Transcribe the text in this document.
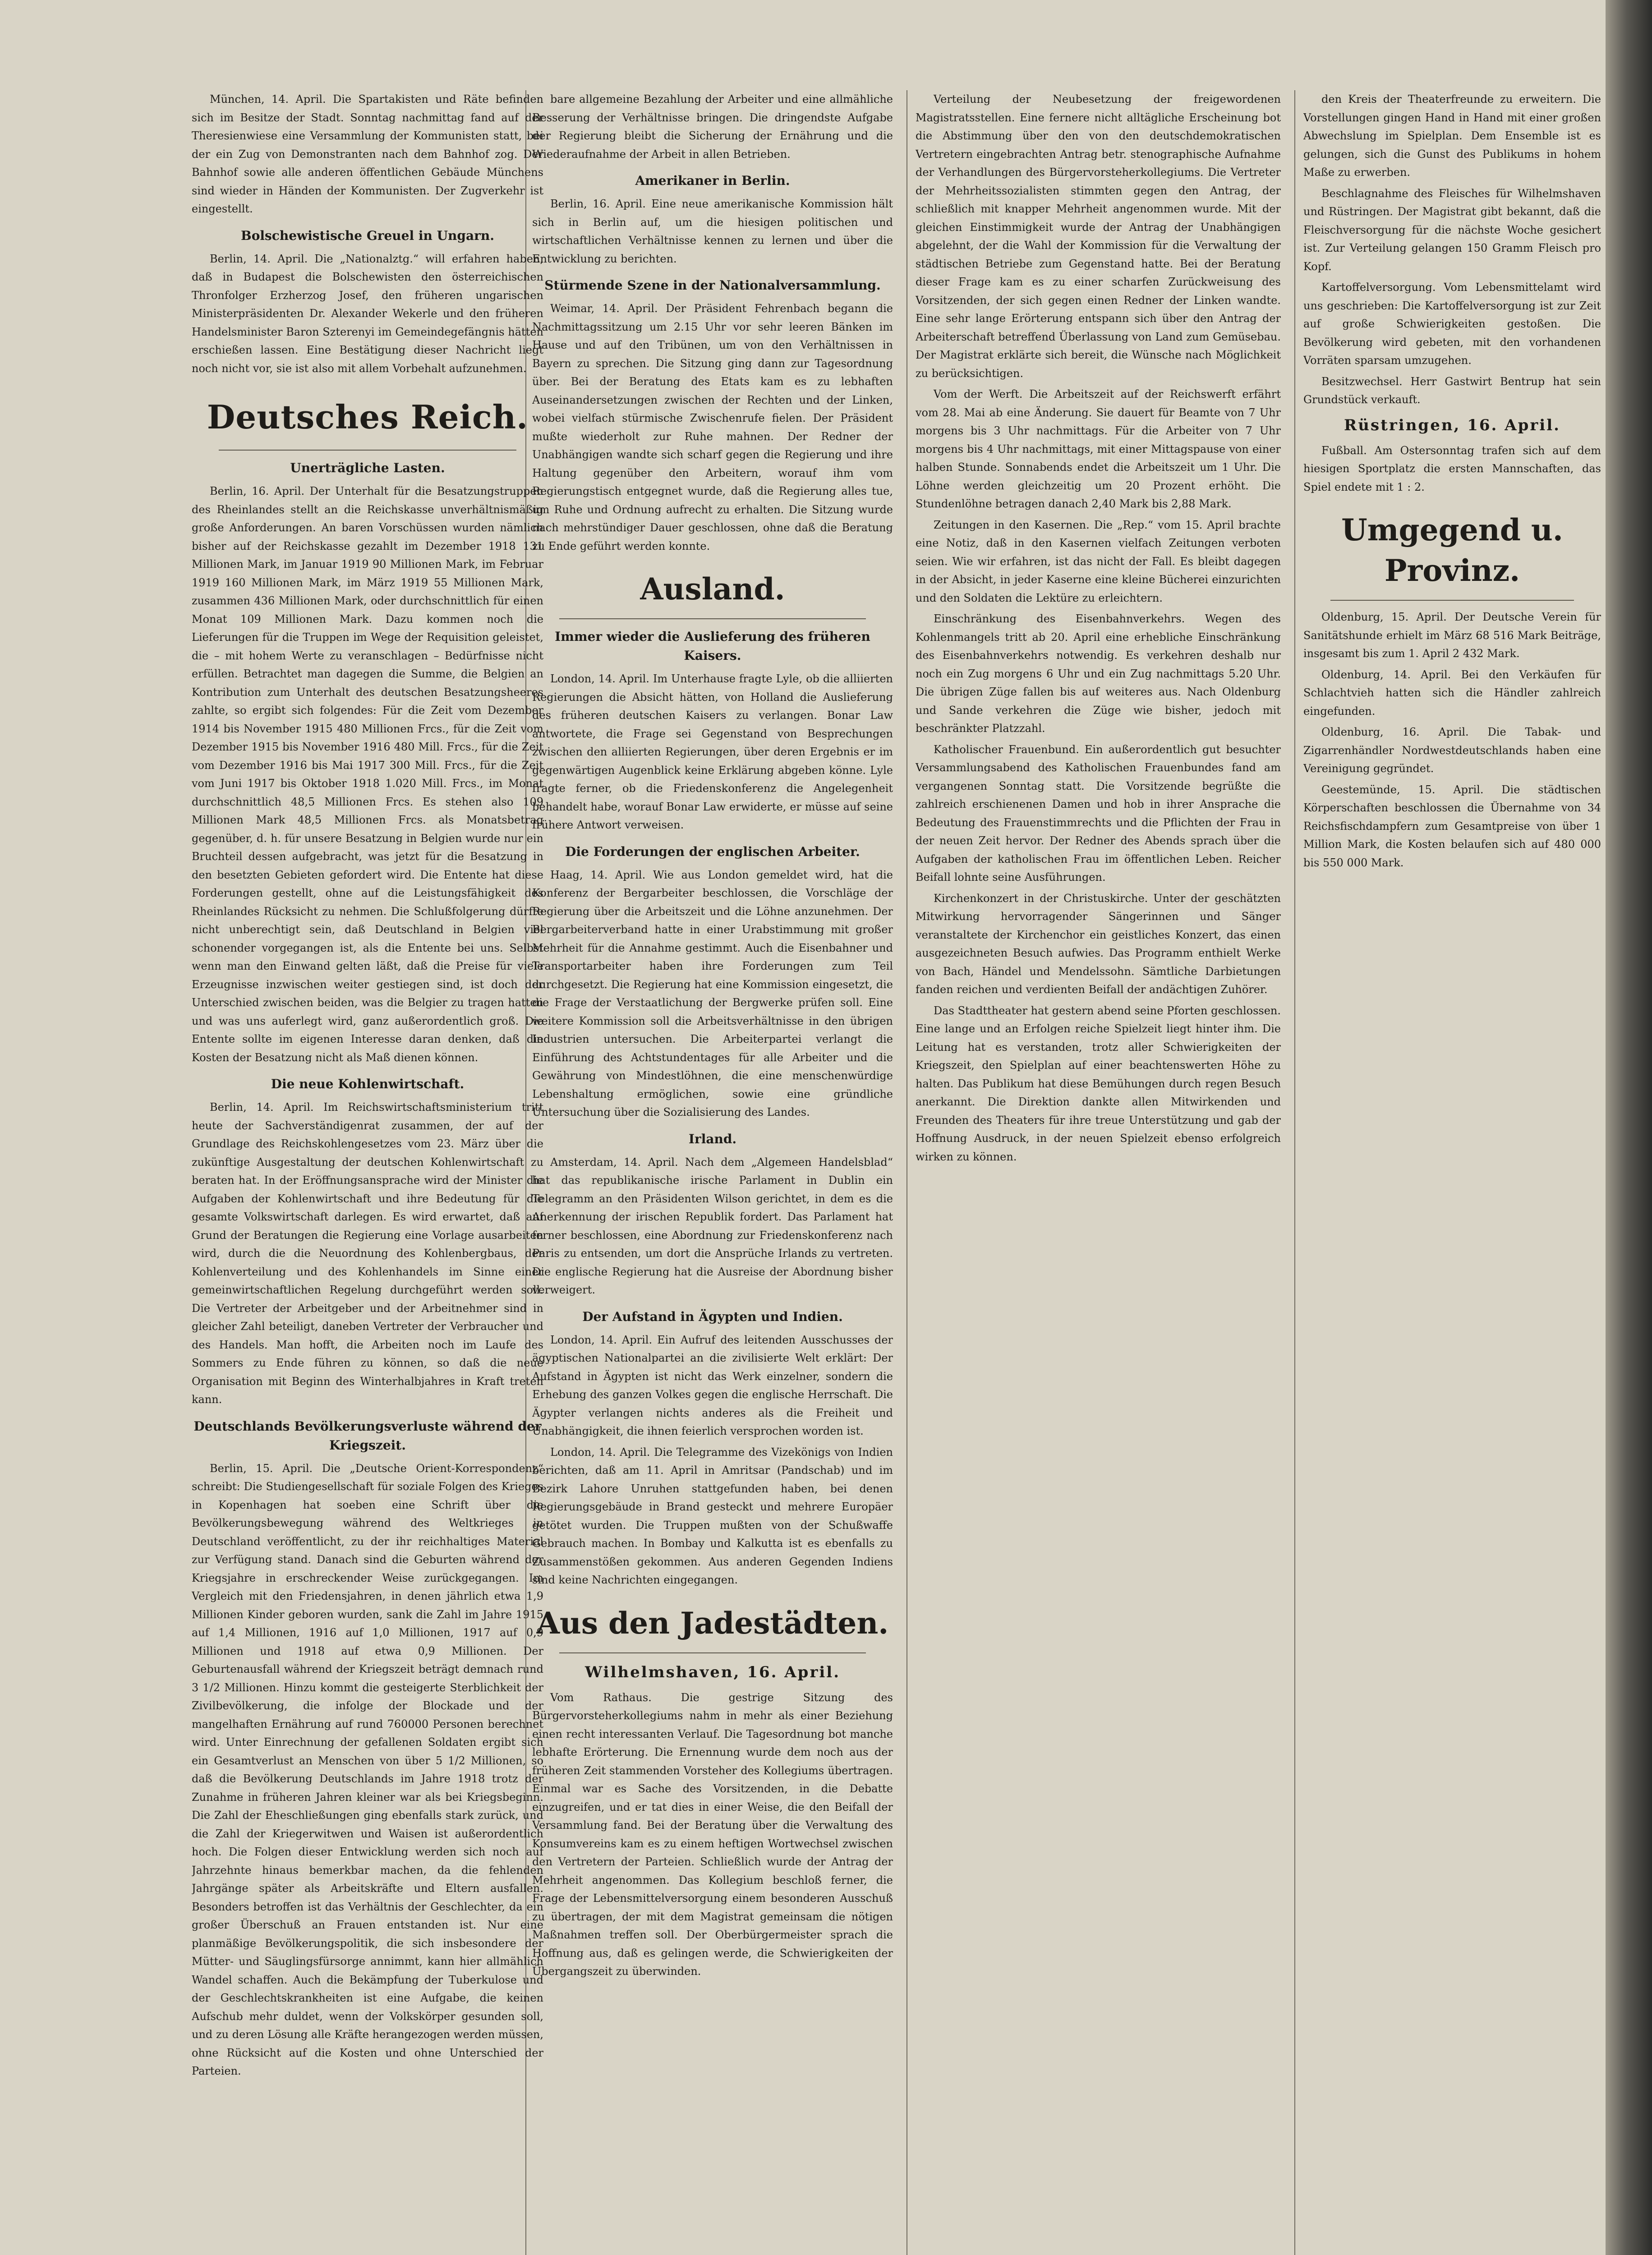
München, 14. April. Die Spartakisten und Räte befinden sich im Besitze der Stadt. Sonntag nachmittag fand auf der Theresienwiese eine Versammlung der Kommunisten statt, bei der ein Zug von Demonstranten nach dem Bahnhof zog. Der Bahnhof sowie alle anderen öffentlichen Gebäude Münchens sind wieder in Händen der Kommunisten. Der Zugverkehr ist eingestellt.

Bolschewistische Greuel in Ungarn.

Berlin, 14. April. Die „Nationalztg.“ will erfahren haben, daß in Budapest die Bolschewisten den österreichischen Thronfolger Erzherzog Josef, den früheren ungarischen Ministerpräsidenten Dr. Alexander Wekerle und den früheren Handelsminister Baron Szterenyi im Gemeindegefängnis hätten erschießen lassen. Eine Bestätigung dieser Nachricht liegt noch nicht vor, sie ist also mit allem Vorbehalt aufzunehmen.

Deutsches Reich.
Unerträgliche Lasten.

Berlin, 16. April. Der Unterhalt für die Besatzungstruppen des Rheinlandes stellt an die Reichskasse unverhältnismäßig große Anforderungen. An baren Vorschüssen wurden nämlich bisher auf der Reichskasse gezahlt im Dezember 1918 131 Millionen Mark, im Januar 1919 90 Millionen Mark, im Februar 1919 160 Millionen Mark, im März 1919 55 Millionen Mark, zusammen 436 Millionen Mark, oder durchschnittlich für einen Monat 109 Millionen Mark. Dazu kommen noch die Lieferungen für die Truppen im Wege der Requisition geleistet, die – mit hohem Werte zu veranschlagen – Bedürfnisse nicht erfüllen. Betrachtet man dagegen die Summe, die Belgien an Kontribution zum Unterhalt des deutschen Besatzungsheeres zahlte, so ergibt sich folgendes: Für die Zeit vom Dezember 1914 bis November 1915 480 Millionen Frcs., für die Zeit vom Dezember 1915 bis November 1916 480 Mill. Frcs., für die Zeit vom Dezember 1916 bis Mai 1917 300 Mill. Frcs., für die Zeit vom Juni 1917 bis Oktober 1918 1.020 Mill. Frcs., im Monat durchschnittlich 48,5 Millionen Frcs. Es stehen also 109 Millionen Mark 48,5 Millionen Frcs. als Monatsbetrag gegenüber, d. h. für unsere Besatzung in Belgien wurde nur ein Bruchteil dessen aufgebracht, was jetzt für die Besatzung in den besetzten Gebieten gefordert wird. Die Entente hat diese Forderungen gestellt, ohne auf die Leistungsfähigkeit des Rheinlandes Rücksicht zu nehmen. Die Schlußfolgerung dürfte nicht unberechtigt sein, daß Deutschland in Belgien viel schonender vorgegangen ist, als die Entente bei uns. Selbst wenn man den Einwand gelten läßt, daß die Preise für viele Erzeugnisse inzwischen weiter gestiegen sind, ist doch der Unterschied zwischen beiden, was die Belgier zu tragen hatten und was uns auferlegt wird, ganz außerordentlich groß. Die Entente sollte im eigenen Interesse daran denken, daß die Kosten der Besatzung nicht als Maß dienen können.

Die neue Kohlenwirtschaft.

Berlin, 14. April. Im Reichswirtschaftsministerium tritt heute der Sachverständigenrat zusammen, der auf der Grundlage des Reichskohlengesetzes vom 23. März über die zukünftige Ausgestaltung der deutschen Kohlenwirtschaft zu beraten hat. In der Eröffnungsansprache wird der Minister die Aufgaben der Kohlenwirtschaft und ihre Bedeutung für die gesamte Volkswirtschaft darlegen. Es wird erwartet, daß auf Grund der Beratungen die Regierung eine Vorlage ausarbeiten wird, durch die die Neuordnung des Kohlenbergbaus, der Kohlenverteilung und des Kohlenhandels im Sinne einer gemeinwirtschaftlichen Regelung durchgeführt werden soll. Die Vertreter der Arbeitgeber und der Arbeitnehmer sind in gleicher Zahl beteiligt, daneben Vertreter der Verbraucher und des Handels. Man hofft, die Arbeiten noch im Laufe des Sommers zu Ende führen zu können, so daß die neue Organisation mit Beginn des Winterhalbjahres in Kraft treten kann.

Deutschlands Bevölkerungsverluste während der Kriegszeit.

Berlin, 15. April. Die „Deutsche Orient-Korrespondenz“ schreibt: Die Studiengesellschaft für soziale Folgen des Krieges in Kopenhagen hat soeben eine Schrift über die Bevölkerungsbewegung während des Weltkrieges in Deutschland veröffentlicht, zu der ihr reichhaltiges Material zur Verfügung stand. Danach sind die Geburten während der Kriegsjahre in erschreckender Weise zurückgegangen. Im Vergleich mit den Friedensjahren, in denen jährlich etwa 1,9 Millionen Kinder geboren wurden, sank die Zahl im Jahre 1915 auf 1,4 Millionen, 1916 auf 1,0 Millionen, 1917 auf 0,9 Millionen und 1918 auf etwa 0,9 Millionen. Der Geburtenausfall während der Kriegszeit beträgt demnach rund 3 1/2 Millionen. Hinzu kommt die gesteigerte Sterblichkeit der Zivilbevölkerung, die infolge der Blockade und der mangelhaften Ernährung auf rund 760000 Personen berechnet wird. Unter Einrechnung der gefallenen Soldaten ergibt sich ein Gesamtverlust an Menschen von über 5 1/2 Millionen, so daß die Bevölkerung Deutschlands im Jahre 1918 trotz der Zunahme in früheren Jahren kleiner war als bei Kriegsbeginn. Die Zahl der Eheschließungen ging ebenfalls stark zurück, und die Zahl der Kriegerwitwen und Waisen ist außerordentlich hoch. Die Folgen dieser Entwicklung werden sich noch auf Jahrzehnte hinaus bemerkbar machen, da die fehlenden Jahrgänge später als Arbeitskräfte und Eltern ausfallen. Besonders betroffen ist das Verhältnis der Geschlechter, da ein großer Überschuß an Frauen entstanden ist. Nur eine planmäßige Bevölkerungspolitik, die sich insbesondere der Mütter- und Säuglingsfürsorge annimmt, kann hier allmählich Wandel schaffen. Auch die Bekämpfung der Tuberkulose und der Geschlechtskrankheiten ist eine Aufgabe, die keinen Aufschub mehr duldet, wenn der Volkskörper gesunden soll, und zu deren Lösung alle Kräfte herangezogen werden müssen, ohne Rücksicht auf die Kosten und ohne Unterschied der Parteien.

bare allgemeine Bezahlung der Arbeiter und eine allmähliche Besserung der Verhältnisse bringen. Die dringendste Aufgabe der Regierung bleibt die Sicherung der Ernährung und die Wiederaufnahme der Arbeit in allen Betrieben.

Amerikaner in Berlin.

Berlin, 16. April. Eine neue amerikanische Kommission hält sich in Berlin auf, um die hiesigen politischen und wirtschaftlichen Verhältnisse kennen zu lernen und über die Entwicklung zu berichten.

Stürmende Szene in der Nationalversammlung.

Weimar, 14. April. Der Präsident Fehrenbach begann die Nachmittagssitzung um 2.15 Uhr vor sehr leeren Bänken im Hause und auf den Tribünen, um von den Verhältnissen in Bayern zu sprechen. Die Sitzung ging dann zur Tagesordnung über. Bei der Beratung des Etats kam es zu lebhaften Auseinandersetzungen zwischen der Rechten und der Linken, wobei vielfach stürmische Zwischenrufe fielen. Der Präsident mußte wiederholt zur Ruhe mahnen. Der Redner der Unabhängigen wandte sich scharf gegen die Regierung und ihre Haltung gegenüber den Arbeitern, worauf ihm vom Regierungstisch entgegnet wurde, daß die Regierung alles tue, um Ruhe und Ordnung aufrecht zu erhalten. Die Sitzung wurde nach mehrstündiger Dauer geschlossen, ohne daß die Beratung zu Ende geführt werden konnte.

Ausland.
Immer wieder die Auslieferung des früheren Kaisers.

London, 14. April. Im Unterhause fragte Lyle, ob die alliierten Regierungen die Absicht hätten, von Holland die Auslieferung des früheren deutschen Kaisers zu verlangen. Bonar Law antwortete, die Frage sei Gegenstand von Besprechungen zwischen den alliierten Regierungen, über deren Ergebnis er im gegenwärtigen Augenblick keine Erklärung abgeben könne. Lyle fragte ferner, ob die Friedenskonferenz die Angelegenheit behandelt habe, worauf Bonar Law erwiderte, er müsse auf seine frühere Antwort verweisen.

Die Forderungen der englischen Arbeiter.

Haag, 14. April. Wie aus London gemeldet wird, hat die Konferenz der Bergarbeiter beschlossen, die Vorschläge der Regierung über die Arbeitszeit und die Löhne anzunehmen. Der Bergarbeiterverband hatte in einer Urabstimmung mit großer Mehrheit für die Annahme gestimmt. Auch die Eisenbahner und Transportarbeiter haben ihre Forderungen zum Teil durchgesetzt. Die Regierung hat eine Kommission eingesetzt, die die Frage der Verstaatlichung der Bergwerke prüfen soll. Eine weitere Kommission soll die Arbeitsverhältnisse in den übrigen Industrien untersuchen. Die Arbeiterpartei verlangt die Einführung des Achtstundentages für alle Arbeiter und die Gewährung von Mindestlöhnen, die eine menschenwürdige Lebenshaltung ermöglichen, sowie eine gründliche Untersuchung über die Sozialisierung des Landes.

Irland.

Amsterdam, 14. April. Nach dem „Algemeen Handelsblad“ hat das republikanische irische Parlament in Dublin ein Telegramm an den Präsidenten Wilson gerichtet, in dem es die Anerkennung der irischen Republik fordert. Das Parlament hat ferner beschlossen, eine Abordnung zur Friedenskonferenz nach Paris zu entsenden, um dort die Ansprüche Irlands zu vertreten. Die englische Regierung hat die Ausreise der Abordnung bisher verweigert.

Der Aufstand in Ägypten und Indien.

London, 14. April. Ein Aufruf des leitenden Ausschusses der ägyptischen Nationalpartei an die zivilisierte Welt erklärt: Der Aufstand in Ägypten ist nicht das Werk einzelner, sondern die Erhebung des ganzen Volkes gegen die englische Herrschaft. Die Ägypter verlangen nichts anderes als die Freiheit und Unabhängigkeit, die ihnen feierlich versprochen worden ist.

London, 14. April. Die Telegramme des Vizekönigs von Indien berichten, daß am 11. April in Amritsar (Pandschab) und im Bezirk Lahore Unruhen stattgefunden haben, bei denen Regierungsgebäude in Brand gesteckt und mehrere Europäer getötet wurden. Die Truppen mußten von der Schußwaffe Gebrauch machen. In Bombay und Kalkutta ist es ebenfalls zu Zusammenstößen gekommen. Aus anderen Gegenden Indiens sind keine Nachrichten eingegangen.

Aus den Jadestädten.
Wilhelmshaven, 16. April.

Vom Rathaus. Die gestrige Sitzung des Bürgervorsteherkollegiums nahm in mehr als einer Beziehung einen recht interessanten Verlauf. Die Tagesordnung bot manche lebhafte Erörterung. Die Ernennung wurde dem noch aus der früheren Zeit stammenden Vorsteher des Kollegiums übertragen. Einmal war es Sache des Vorsitzenden, in die Debatte einzugreifen, und er tat dies in einer Weise, die den Beifall der Versammlung fand. Bei der Beratung über die Verwaltung des Konsumvereins kam es zu einem heftigen Wortwechsel zwischen den Vertretern der Parteien. Schließlich wurde der Antrag der Mehrheit angenommen. Das Kollegium beschloß ferner, die Frage der Lebensmittelversorgung einem besonderen Ausschuß zu übertragen, der mit dem Magistrat gemeinsam die nötigen Maßnahmen treffen soll. Der Oberbürgermeister sprach die Hoffnung aus, daß es gelingen werde, die Schwierigkeiten der Übergangszeit zu überwinden.

Verteilung der Neubesetzung der freigewordenen Magistratsstellen. Eine fernere nicht alltägliche Erscheinung bot die Abstimmung über den von den deutschdemokratischen Vertretern eingebrachten Antrag betr. stenographische Aufnahme der Verhandlungen des Bürgervorsteherkollegiums. Die Vertreter der Mehrheitssozialisten stimmten gegen den Antrag, der schließlich mit knapper Mehrheit angenommen wurde. Mit der gleichen Einstimmigkeit wurde der Antrag der Unabhängigen abgelehnt, der die Wahl der Kommission für die Verwaltung der städtischen Betriebe zum Gegenstand hatte. Bei der Beratung dieser Frage kam es zu einer scharfen Zurückweisung des Vorsitzenden, der sich gegen einen Redner der Linken wandte. Eine sehr lange Erörterung entspann sich über den Antrag der Arbeiterschaft betreffend Überlassung von Land zum Gemüsebau. Der Magistrat erklärte sich bereit, die Wünsche nach Möglichkeit zu berücksichtigen.

Vom der Werft. Die Arbeitszeit auf der Reichswerft erfährt vom 28. Mai ab eine Änderung. Sie dauert für Beamte von 7 Uhr morgens bis 3 Uhr nachmittags. Für die Arbeiter von 7 Uhr morgens bis 4 Uhr nachmittags, mit einer Mittagspause von einer halben Stunde. Sonnabends endet die Arbeitszeit um 1 Uhr. Die Löhne werden gleichzeitig um 20 Prozent erhöht. Die Stundenlöhne betragen danach 2,40 Mark bis 2,88 Mark.

Zeitungen in den Kasernen. Die „Rep.“ vom 15. April brachte eine Notiz, daß in den Kasernen vielfach Zeitungen verboten seien. Wie wir erfahren, ist das nicht der Fall. Es bleibt dagegen in der Absicht, in jeder Kaserne eine kleine Bücherei einzurichten und den Soldaten die Lektüre zu erleichtern.

Einschränkung des Eisenbahnverkehrs. Wegen des Kohlenmangels tritt ab 20. April eine erhebliche Einschränkung des Eisenbahnverkehrs notwendig. Es verkehren deshalb nur noch ein Zug morgens 6 Uhr und ein Zug nachmittags 5.20 Uhr. Die übrigen Züge fallen bis auf weiteres aus. Nach Oldenburg und Sande verkehren die Züge wie bisher, jedoch mit beschränkter Platzzahl.

Katholischer Frauenbund. Ein außerordentlich gut besuchter Versammlungsabend des Katholischen Frauenbundes fand am vergangenen Sonntag statt. Die Vorsitzende begrüßte die zahlreich erschienenen Damen und hob in ihrer Ansprache die Bedeutung des Frauenstimmrechts und die Pflichten der Frau in der neuen Zeit hervor. Der Redner des Abends sprach über die Aufgaben der katholischen Frau im öffentlichen Leben. Reicher Beifall lohnte seine Ausführungen.

Kirchenkonzert in der Christuskirche. Unter der geschätzten Mitwirkung hervorragender Sängerinnen und Sänger veranstaltete der Kirchenchor ein geistliches Konzert, das einen ausgezeichneten Besuch aufwies. Das Programm enthielt Werke von Bach, Händel und Mendelssohn. Sämtliche Darbietungen fanden reichen und verdienten Beifall der andächtigen Zuhörer.

Das Stadttheater hat gestern abend seine Pforten geschlossen. Eine lange und an Erfolgen reiche Spielzeit liegt hinter ihm. Die Leitung hat es verstanden, trotz aller Schwierigkeiten der Kriegszeit, den Spielplan auf einer beachtenswerten Höhe zu halten. Das Publikum hat diese Bemühungen durch regen Besuch anerkannt. Die Direktion dankte allen Mitwirkenden und Freunden des Theaters für ihre treue Unterstützung und gab der Hoffnung Ausdruck, in der neuen Spielzeit ebenso erfolgreich wirken zu können.

den Kreis der Theaterfreunde zu erweitern. Die Vorstellungen gingen Hand in Hand mit einer großen Abwechslung im Spielplan. Dem Ensemble ist es gelungen, sich die Gunst des Publikums in hohem Maße zu erwerben.

Beschlagnahme des Fleisches für Wilhelmshaven und Rüstringen. Der Magistrat gibt bekannt, daß die Fleischversorgung für die nächste Woche gesichert ist. Zur Verteilung gelangen 150 Gramm Fleisch pro Kopf.

Kartoffelversorgung. Vom Lebensmittelamt wird uns geschrieben: Die Kartoffelversorgung ist zur Zeit auf große Schwierigkeiten gestoßen. Die Bevölkerung wird gebeten, mit den vorhandenen Vorräten sparsam umzugehen.

Besitzwechsel. Herr Gastwirt Bentrup hat sein Grundstück verkauft.

Rüstringen, 16. April.

Fußball. Am Ostersonntag trafen sich auf dem hiesigen Sportplatz die ersten Mannschaften, das Spiel endete mit 1 : 2.

Umgegend u. Provinz.

Oldenburg, 15. April. Der Deutsche Verein für Sanitätshunde erhielt im März 68 516 Mark Beiträge, insgesamt bis zum 1. April 2 432 Mark.

Oldenburg, 14. April. Bei den Verkäufen für Schlachtvieh hatten sich die Händler zahlreich eingefunden.

Oldenburg, 16. April. Die Tabak- und Zigarrenhändler Nordwestdeutschlands haben eine Vereinigung gegründet.

Geestemünde, 15. April. Die städtischen Körperschaften beschlossen die Übernahme von 34 Reichsfischdampfern zum Gesamtpreise von über 1 Million Mark, die Kosten belaufen sich auf 480 000 bis 550 000 Mark.
